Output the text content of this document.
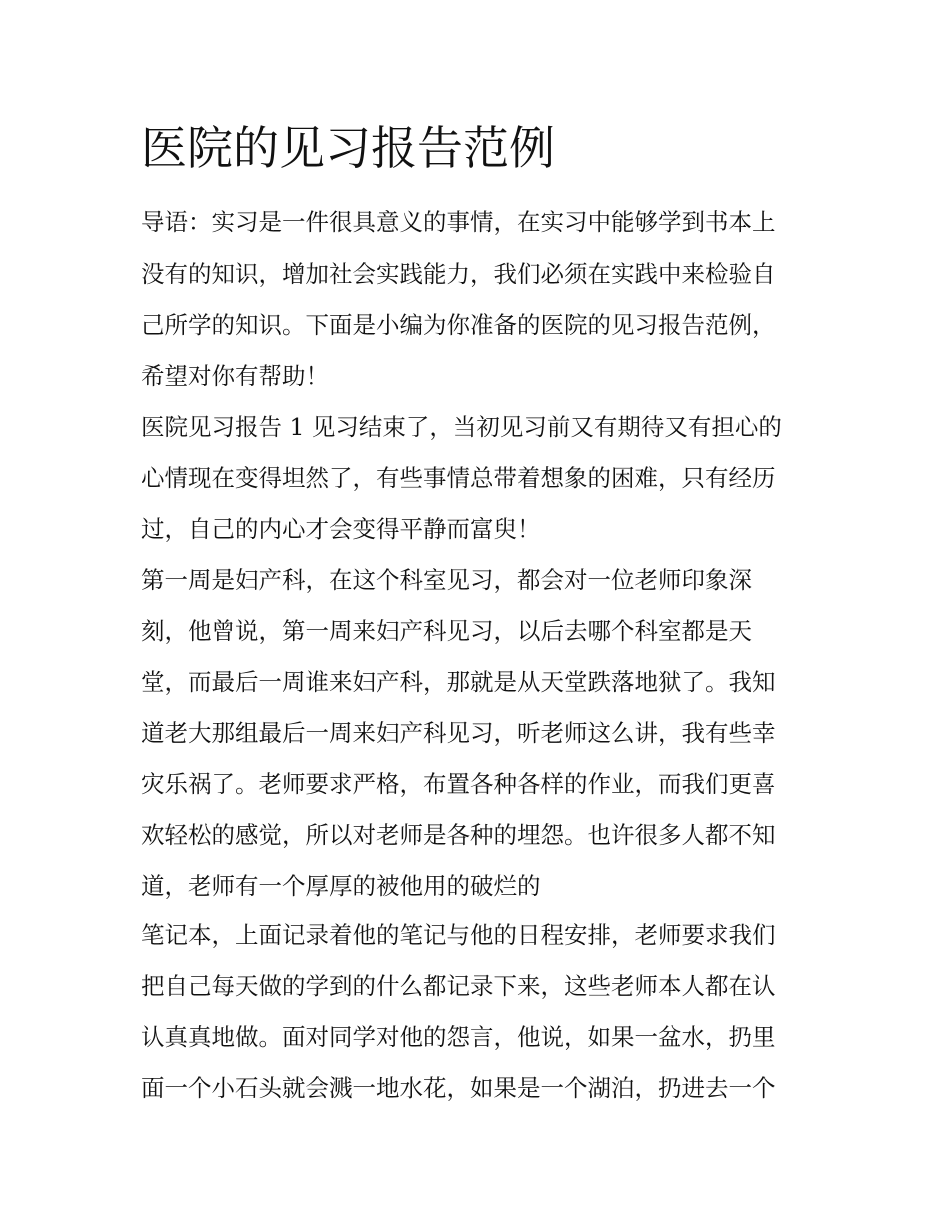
医院的见习报告范例

导语：实习是一件很具意义的事情，在实习中能够学到书本上

没有的知识，增加社会实践能力，我们必须在实践中来检验自

己所学的知识。下面是小编为你准备的医院的见习报告范例，

希望对你有帮助！

医院见习报告 1 见习结束了，当初见习前又有期待又有担心的

心情现在变得坦然了，有些事情总带着想象的困难，只有经历

过，自己的内心才会变得平静而富臾！

第一周是妇产科，在这个科室见习，都会对一位老师印象深

刻，他曾说，第一周来妇产科见习，以后去哪个科室都是天

堂，而最后一周谁来妇产科，那就是从天堂跌落地狱了。我知

道老大那组最后一周来妇产科见习，听老师这么讲，我有些幸

灾乐祸了。老师要求严格，布置各种各样的作业，而我们更喜

欢轻松的感觉，所以对老师是各种的埋怨。也许很多人都不知

道，老师有一个厚厚的被他用的破烂的

笔记本，上面记录着他的笔记与他的日程安排，老师要求我们

把自己每天做的学到的什么都记录下来，这些老师本人都在认

认真真地做。面对同学对他的怨言，他说，如果一盆水，扔里

面一个小石头就会溅一地水花，如果是一个湖泊，扔进去一个
